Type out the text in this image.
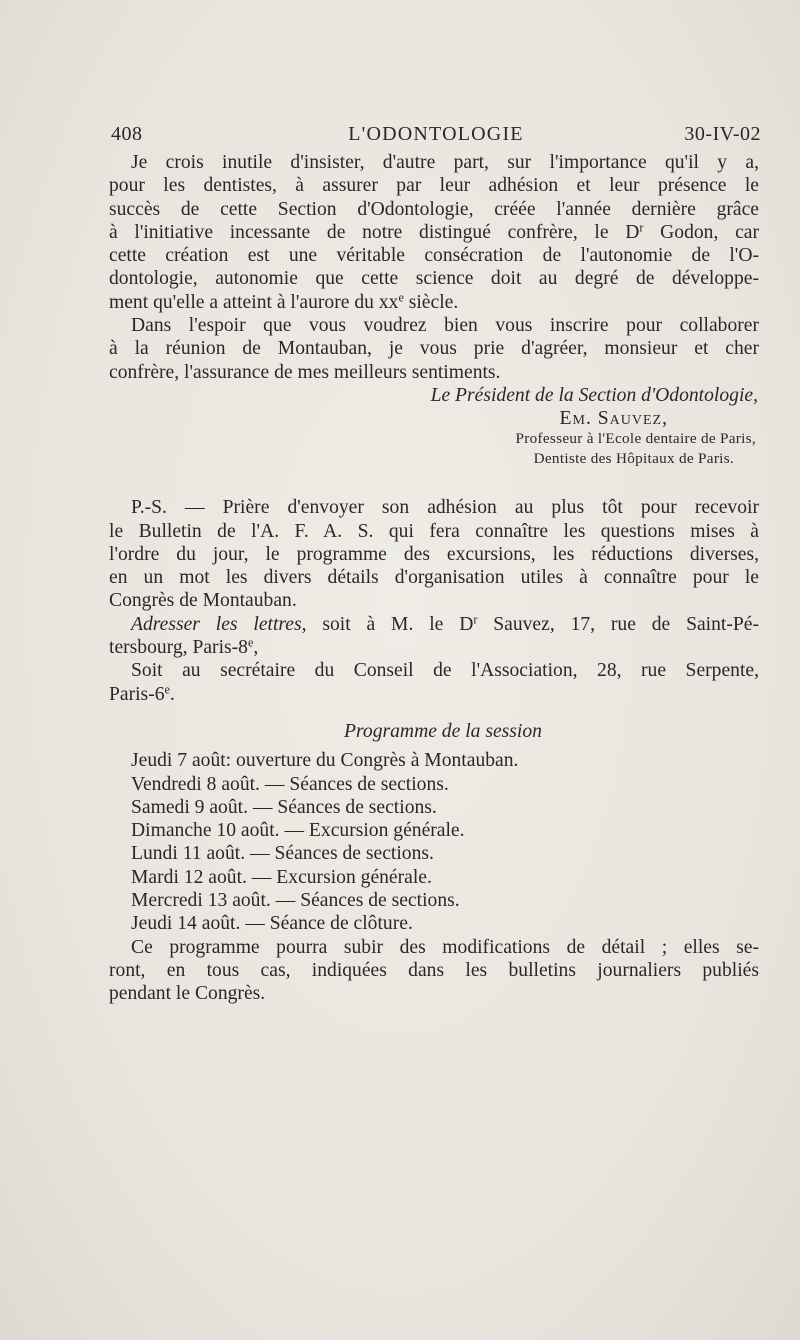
408	L'ODONTOLOGIE	30-IV-02
Je crois inutile d'insister, d'autre part, sur l'importance qu'il y a,
pour les dentistes, à assurer par leur adhésion et leur présence le
succès de cette Section d'Odontologie, créée l'année dernière grâce
à l'initiative incessante de notre distingué confrère, le $D^r$ Godon, car
cette création est une véritable consécration de l'autonomie de l'O-
dontologie, autonomie que cette science doit au degré de développe-
ment qu'elle a atteint à l'aurore du $xx^e$ siècle.
Dans l'espoir que vous voudrez bien vous inscrire pour collaborer
à la réunion de Montauban, je vous prie d'agréer, monsieur et cher
confrère, l'assurance de mes meilleurs sentiments.
Le Président de la Section d'Odontologie,
Em. Sauvez,
Professeur à l'Ecole dentaire de Paris,
Dentiste des Hôpitaux de Paris.
P.-S. — Prière d'envoyer son adhésion au plus tôt pour recevoir
le Bulletin de l'A. F. A. S. qui fera connaître les questions mises à
l'ordre du jour, le programme des excursions, les réductions diverses,
en un mot les divers détails d'organisation utiles à connaître pour le
Congrès de Montauban.
Adresser les lettres, soit à M. le $D^r$ Sauvez, 17, rue de Saint-Pé-
tersbourg, Paris-8e,
Soit au secrétaire du Conseil de l'Association, 28, rue Serpente,
Paris-6e.
Programme de la session
Jeudi 7 août: ouverture du Congrès à Montauban.
Vendredi 8 août. — Séances de sections.
Samedi 9 août. — Séances de sections.
Dimanche 10 août. — Excursion générale.
Lundi 11 août. — Séances de sections.
Mardi 12 août. — Excursion générale.
Mercredi 13 août. — Séances de sections.
Jeudi 14 août. — Séance de clôture.
Ce programme pourra subir des modifications de détail ; elles se-
ront, en tous cas, indiquées dans les bulletins journaliers publiés
pendant le Congrès.
